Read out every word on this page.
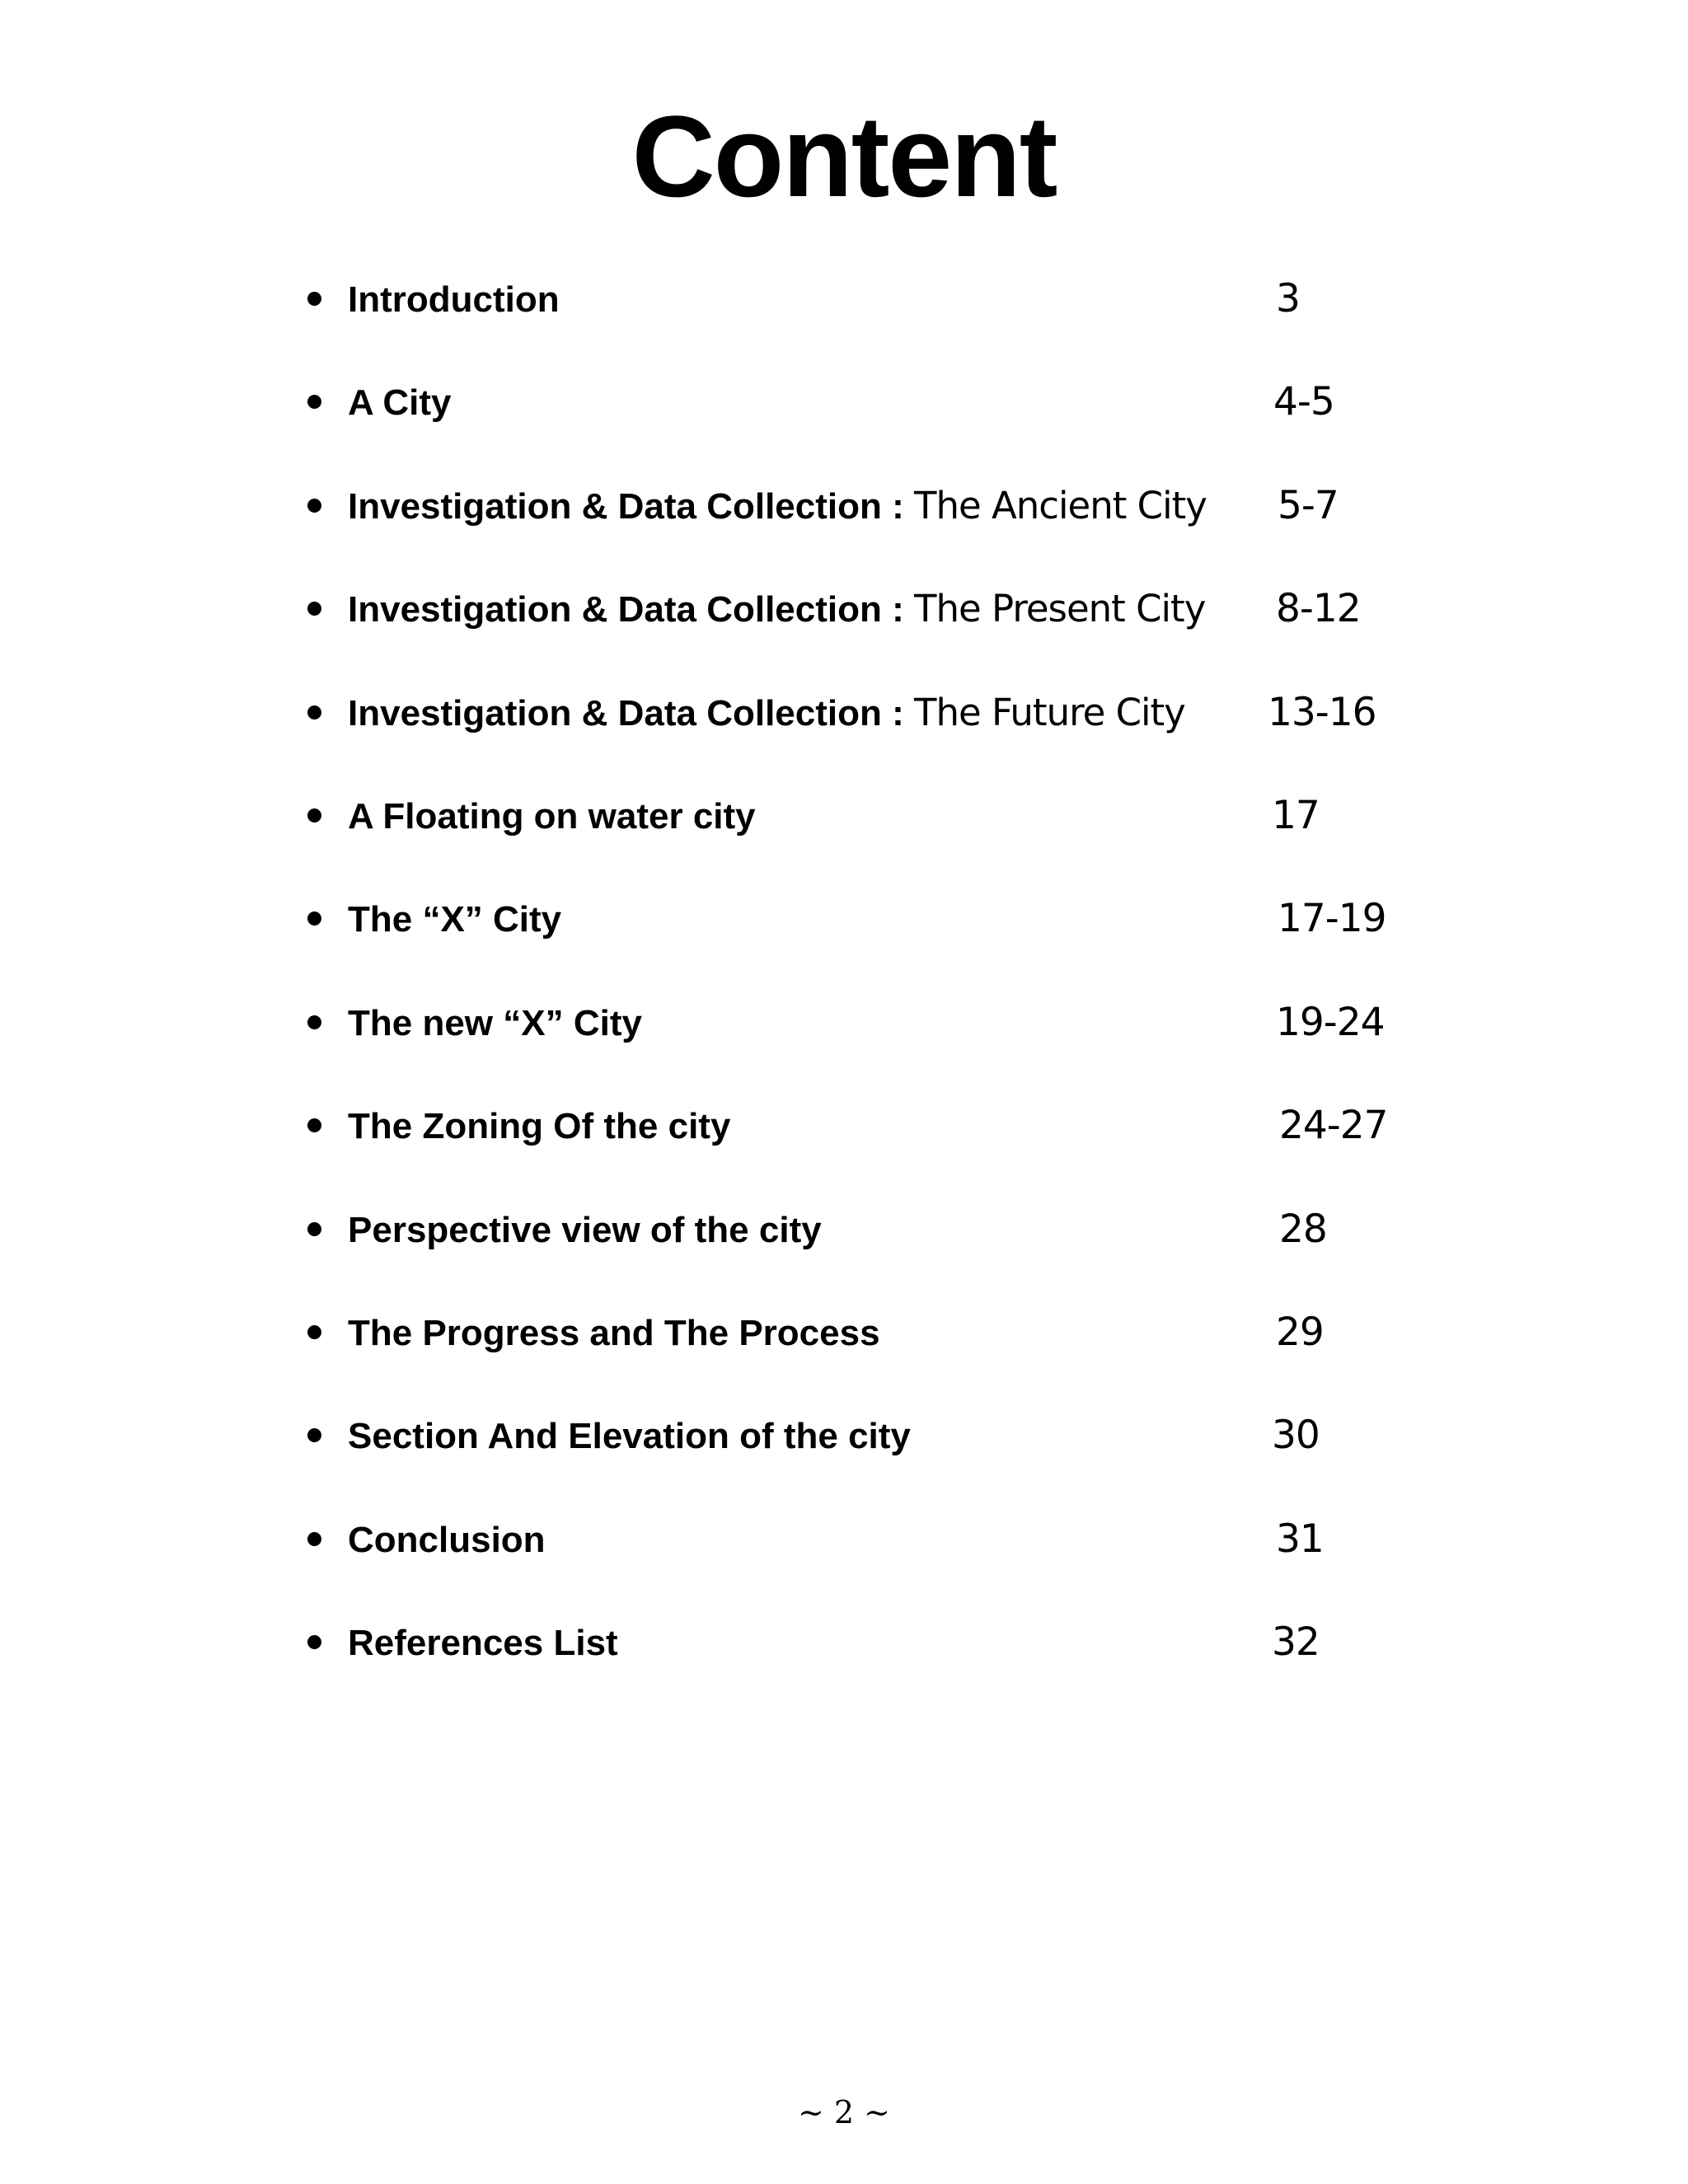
Content
Introduction	3
A City	4-5
Investigation & Data Collection : The Ancient City 5-7
Investigation & Data Collection : The Present City 8-12
Investigation & Data Collection : The Future City 13-16
A Floating on water city	17
The “X” City	17-19
The new “X” City	19-24
The Zoning Of the city	24-27
Perspective view of the city	28
The Progress and The Process	29
Section And Elevation of the city	30
Conclusion	31
References List	32
~ 2 ~
